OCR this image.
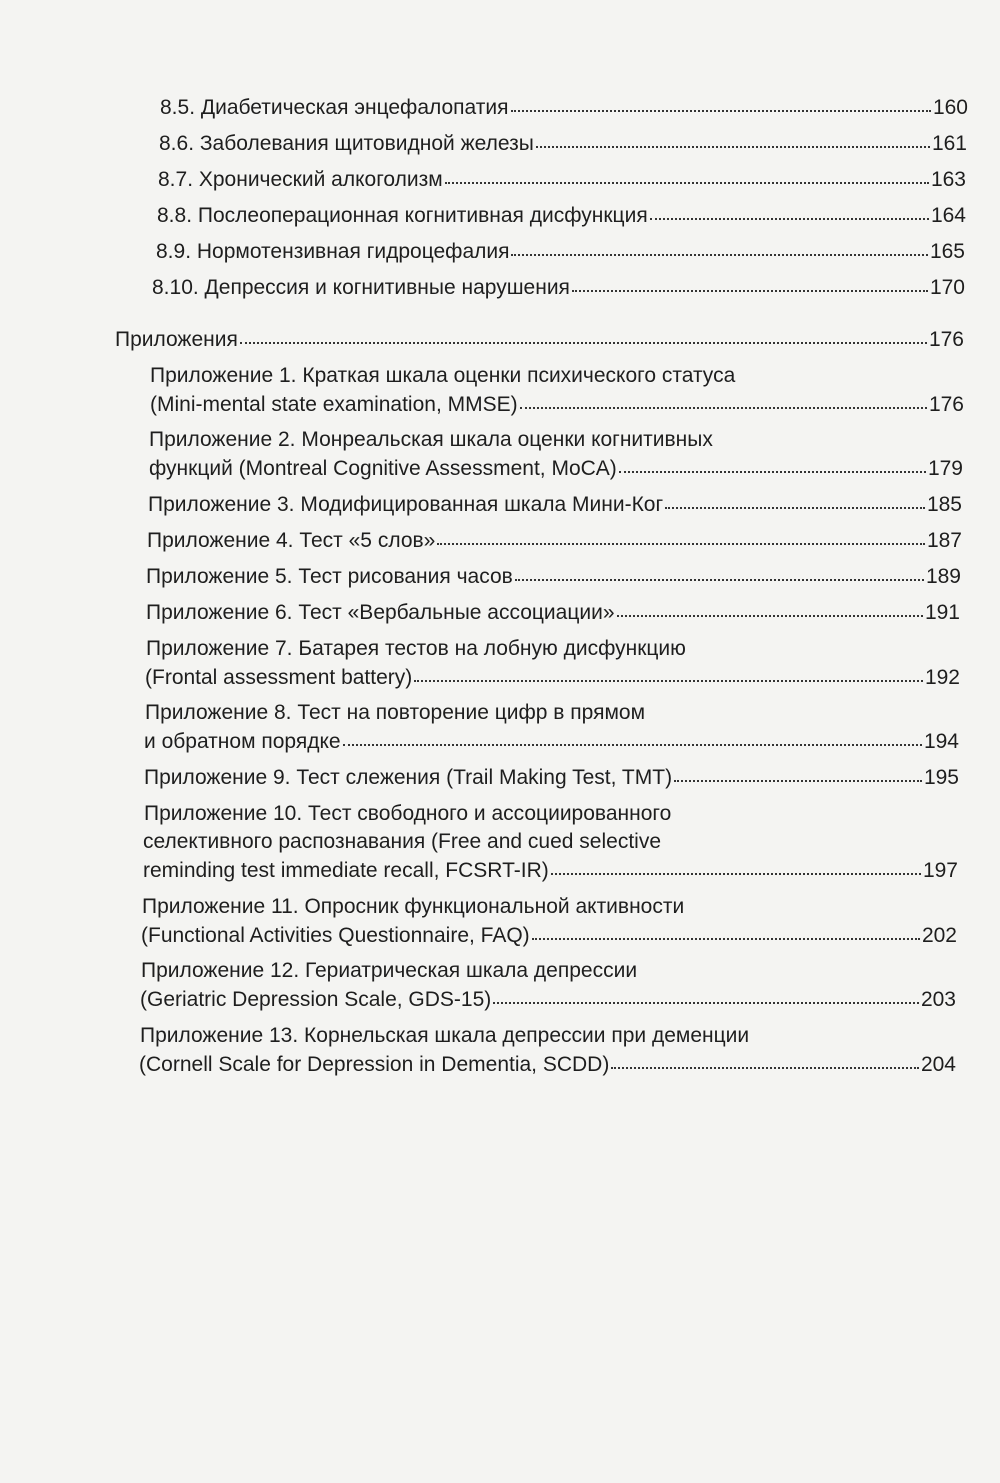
8.5. Диабетическая энцефалопатия	160
8.6. Заболевания щитовидной железы	161
8.7. Хронический алкоголизм	163
8.8. Послеоперационная когнитивная дисфункция	164
8.9. Нормотензивная гидроцефалия	165
8.10. Депрессия и когнитивные нарушения	170
Приложения	176
Приложение 1. Краткая шкала оценки психического статуса
(Mini-mental state examination, MMSE)	176
Приложение 2. Монреальская шкала оценки когнитивных
функций (Montreal Cognitive Assessment, MoCA)	179
Приложение 3. Модифицированная шкала Мини-Ког	185
Приложение 4. Тест «5 слов»	187
Приложение 5. Тест рисования часов	189
Приложение 6. Тест «Вербальные ассоциации»	191
Приложение 7. Батарея тестов на лобную дисфункцию
(Frontal assessment battery)	192
Приложение 8. Тест на повторение цифр в прямом
и обратном порядке	194
Приложение 9. Тест слежения (Trail Making Test, TMT)	195
Приложение 10. Тест свободного и ассоциированного
селективного распознавания (Free and cued selective
reminding test immediate recall, FCSRT-IR)	197
Приложение 11. Опросник функциональной активности
(Functional Activities Questionnaire, FAQ)	202
Приложение 12. Гериатрическая шкала депрессии
(Geriatric Depression Scale, GDS-15)	203
Приложение 13. Корнельская шкала депрессии при деменции
(Cornell Scale for Depression in Dementia, SCDD)	204
